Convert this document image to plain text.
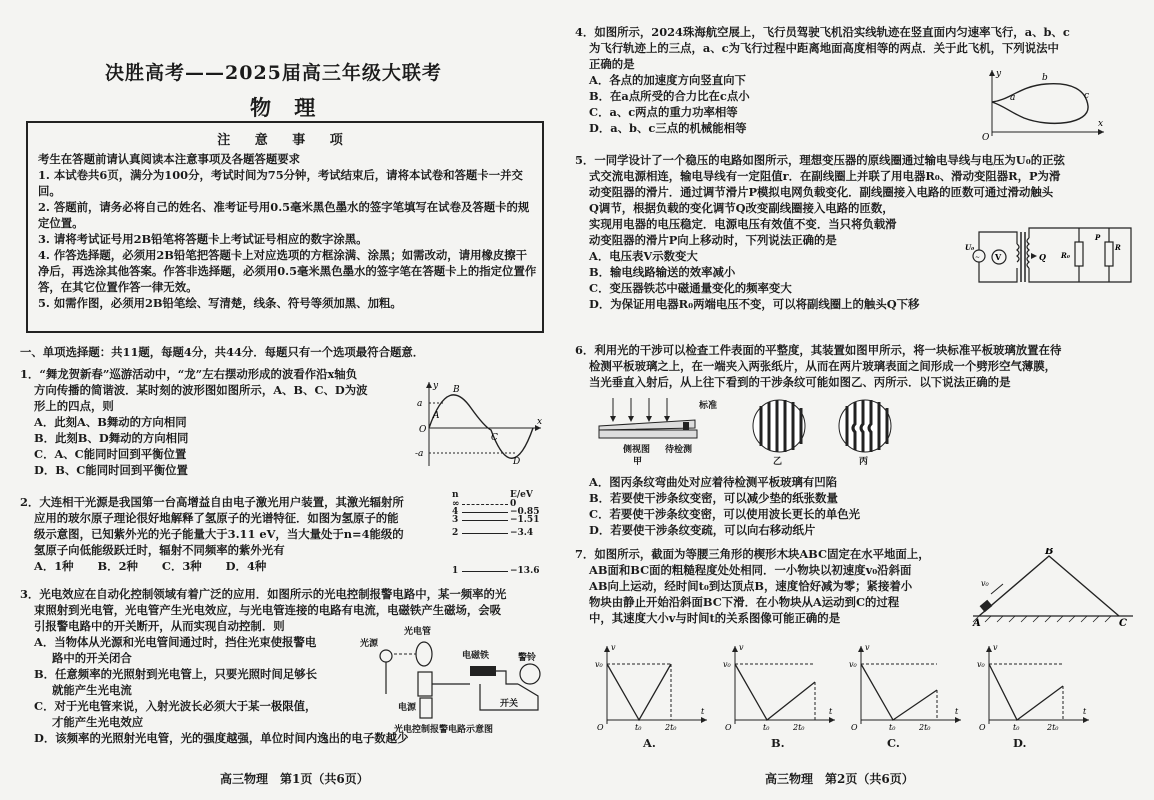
决胜高考——2025届高三年级大联考
物 理
注 意 事 项
考生在答题前请认真阅读本注意事项及各题答题要求
1. 本试卷共6页，满分为100分，考试时间为75分钟，考试结束后，请将本试卷和答题卡一并交回。
2. 答题前，请务必将自己的姓名、准考证号用0.5毫米黑色墨水的签字笔填写在试卷及答题卡的规定位置。
3. 请将考试证号用2B铅笔将答题卡上考试证号相应的数字涂黑。
4. 作答选择题，必须用2B铅笔把答题卡上对应选项的方框涂满、涂黑；如需改动，请用橡皮擦干净后，再选涂其他答案。作答非选择题，必须用0.5毫米黑色墨水的签字笔在答题卡上的指定位置作答，在其它位置作答一律无效。
5. 如需作图，必须用2B铅笔绘、写清楚，线条、符号等须加黑、加粗。
一、单项选择题：共11题，每题4分，共44分．每题只有一个选项最符合题意．
1．“舞龙贺新春”巡游活动中，“龙”左右摆动形成的波看作沿x轴负
方向传播的简谐波．某时刻的波形图如图所示，A、B、C、D为波
形上的四点，则
A．此刻A、B舞动的方向相同
B．此刻B、D舞动的方向相同
C．A、C能同时回到平衡位置
D．B、C能同时回到平衡位置
a
-a
O
y
x
A
B
C
D
2．大连相干光源是我国第一台高增益自由电子激光用户装置，其激光辐射所
应用的玻尔原子理论很好地解释了氢原子的光谱特征．如图为氢原子的能
级示意图，已知紫外光的光子能量大于3.11 eV，当大量处于n=4能级的
氢原子向低能级跃迁时，辐射不同频率的紫外光有
A．1种 B．2种 C．3种 D．4种
n	E/eV
∞	0
4	−0.85
3	−1.51
2	−3.4
1	−13.6
3．光电效应在自动化控制领域有着广泛的应用．如图所示的光电控制报警电路中，某一频率的光
束照射到光电管，光电管产生光电效应，与光电管连接的电路有电流，电磁铁产生磁场，会吸
引报警电路中的开关断开，从而实现自动控制．则
A．当物体从光源和光电管间通过时，挡住光束使报警电
路中的开关闭合
B．任意频率的光照射到光电管上，只要光照时间足够长
就能产生光电流
C．对于光电管来说，入射光波长必须大于某一极限值，
才能产生光电效应
D．该频率的光照射光电管，光的强度越强，单位时间内逸出的电子数越少
光电管
光源
电磁铁	警铃
开关
电源
光电控制报警电路示意图
高三物理　第1页（共6页）
4．如图所示，2024珠海航空展上，飞行员驾驶飞机沿实线轨迹在竖直面内匀速率飞行，a、b、c
为飞行轨迹上的三点，a、c为飞行过程中距离地面高度相等的两点．关于此飞机，下列说法中
正确的是
A．各点的加速度方向竖直向下
B．在a点所受的合力比在c点小
C．a、c两点的重力功率相等
D．a、b、c三点的机械能相等
O
y
x
a
b
c
5．一同学设计了一个稳压的电路如图所示，理想变压器的原线圈通过输电导线与电压为U₀的正弦
式交流电源相连，输电导线有一定阻值r．在副线圈上并联了用电器R₀、滑动变阻器R，P为滑
动变阻器的滑片．通过调节滑片P模拟电网负载变化．副线圈接入电路的匝数可通过滑动触头
Q调节，根据负载的变化调节Q改变副线圈接入电路的匝数，
实现用电器的电压稳定．电源电压有效值不变．当只将负载滑
动变阻器的滑片P向上移动时，下列说法正确的是
A．电压表V示数变大
B．输电线路输送的效率减小
C．变压器铁芯中磁通量变化的频率变大
D．为保证用电器R₀两端电压不变，可以将副线圈上的触头Q下移
~ V	Q R₀
R
P
U₀
6．利用光的干涉可以检查工件表面的平整度，其装置如图甲所示，将一块标准平板玻璃放置在待
检测平板玻璃之上，在一端夹入两张纸片，从而在两片玻璃表面之间形成一个劈形空气薄膜，
当光垂直入射后，从上往下看到的干涉条纹可能如图乙、丙所示．以下说法正确的是
标准
待检测
侧视图
甲	乙	丙
A．图丙条纹弯曲处对应着待检测平板玻璃有凹陷
B．若要使干涉条纹变密，可以减少垫的纸张数量
C．若要使干涉条纹变密，可以使用波长更长的单色光
D．若要使干涉条纹变疏，可以向右移动纸片
7．如图所示，截面为等腰三角形的楔形木块ABC固定在水平地面上，
AB面和BC面的粗糙程度处处相同．一小物块以初速度v₀沿斜面
AB向上运动，经时间t₀到达顶点B，速度恰好减为零；紧接着小
物块由静止开始沿斜面BC下滑．在小物块从A运动到C的过程
中，其速度大小v与时间t的关系图像可能正确的是
v₀
B
A	C
v₀
O	t₀	2t₀
v
t
A.
v₀
O	t₀	2t₀
v
t
B.
v₀
O	t₀	2t₀
v
t
C.
v₀
O	t₀	2t₀
v
t
D.
高三物理　第2页（共6页）
